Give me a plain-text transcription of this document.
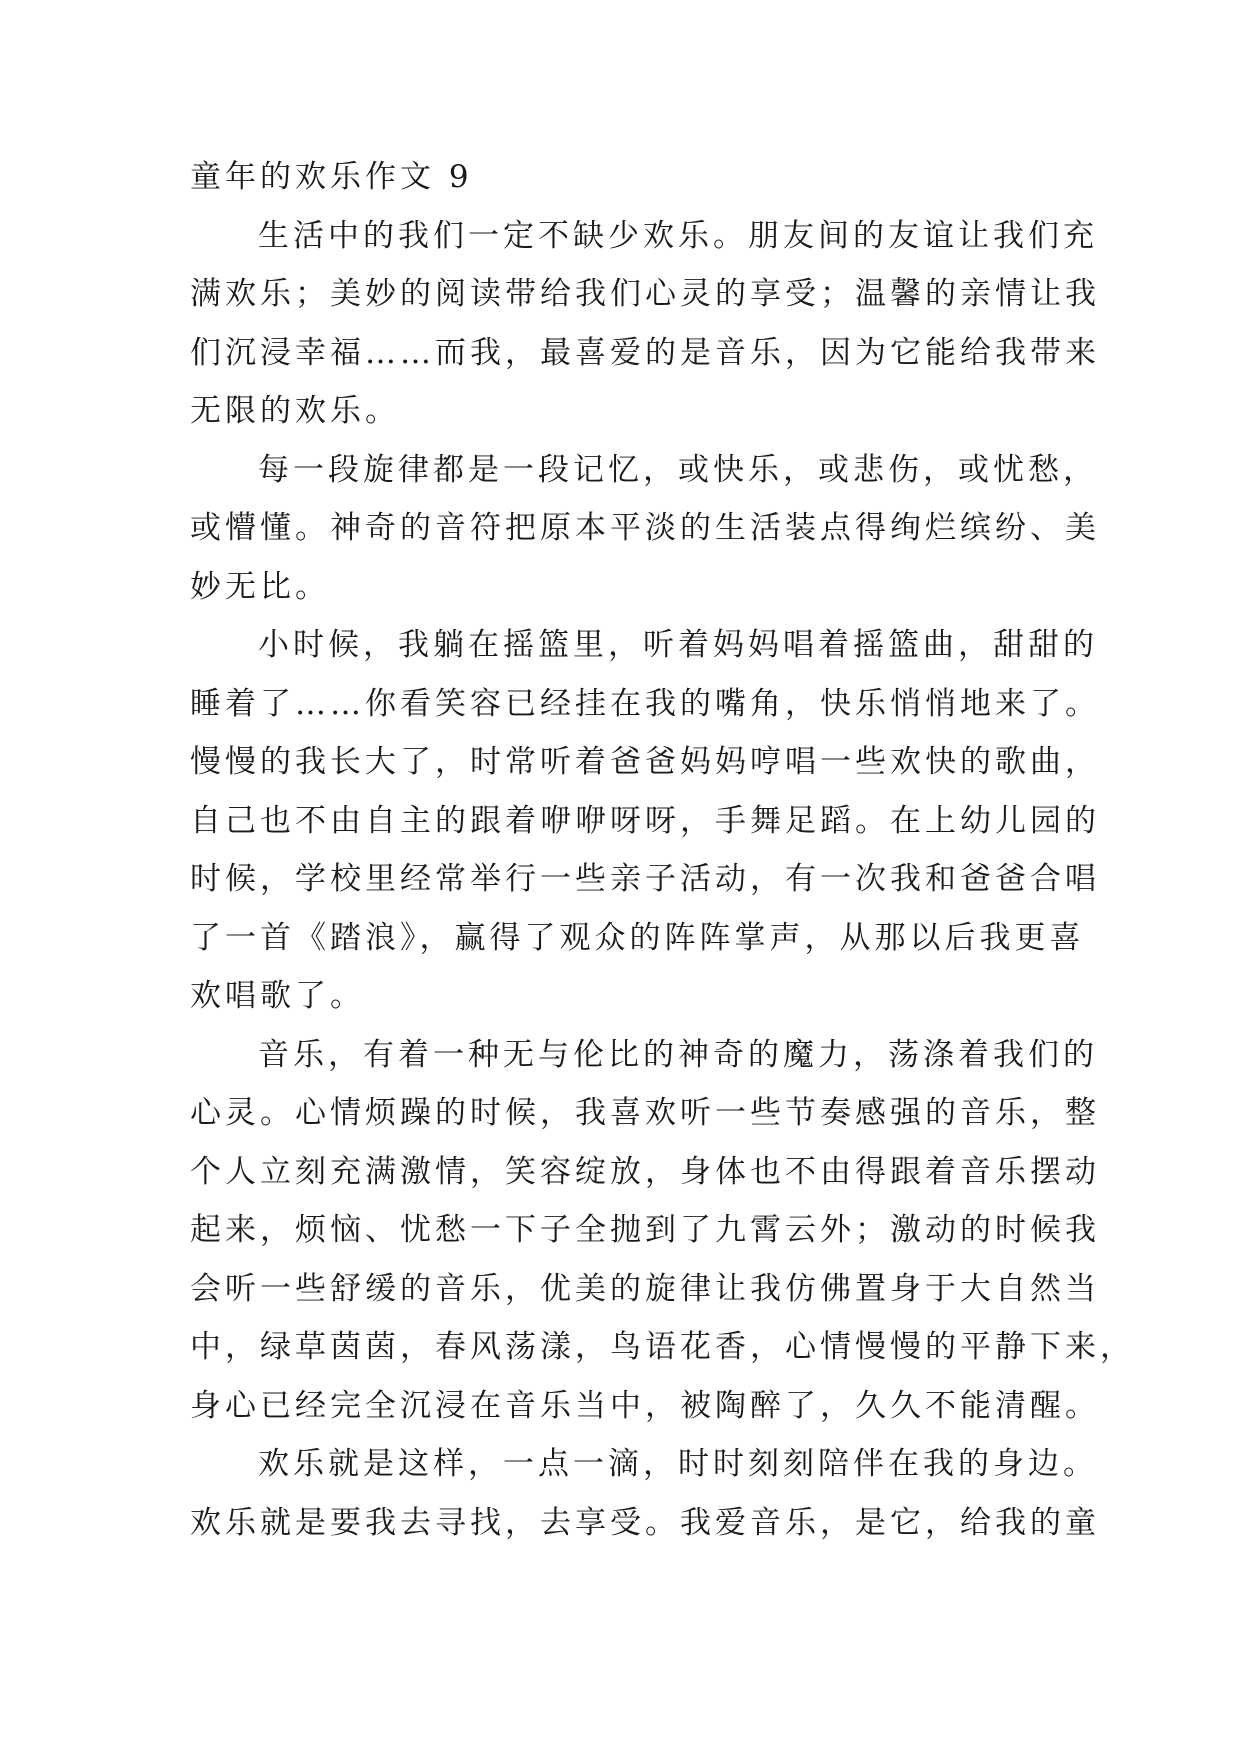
童年的欢乐作文 9
生活中的我们一定不缺少欢乐。朋友间的友谊让我们充
满欢乐；美妙的阅读带给我们心灵的享受；温馨的亲情让我
们沉浸幸福……而我，最喜爱的是音乐，因为它能给我带来
无限的欢乐。
每一段旋律都是一段记忆，或快乐，或悲伤，或忧愁，
或懵懂。神奇的音符把原本平淡的生活装点得绚烂缤纷、美
妙无比。
小时候，我躺在摇篮里，听着妈妈唱着摇篮曲，甜甜的
睡着了……你看笑容已经挂在我的嘴角，快乐悄悄地来了。
慢慢的我长大了，时常听着爸爸妈妈哼唱一些欢快的歌曲，
自己也不由自主的跟着咿咿呀呀，手舞足蹈。在上幼儿园的
时候，学校里经常举行一些亲子活动，有一次我和爸爸合唱
了一首《踏浪》，赢得了观众的阵阵掌声，从那以后我更喜
欢唱歌了。
音乐，有着一种无与伦比的神奇的魔力，荡涤着我们的
心灵。心情烦躁的时候，我喜欢听一些节奏感强的音乐，整
个人立刻充满激情，笑容绽放，身体也不由得跟着音乐摆动
起来，烦恼、忧愁一下子全抛到了九霄云外；激动的时候我
会听一些舒缓的音乐，优美的旋律让我仿佛置身于大自然当
中，绿草茵茵，春风荡漾，鸟语花香，心情慢慢的平静下来，
身心已经完全沉浸在音乐当中，被陶醉了，久久不能清醒。
欢乐就是这样，一点一滴，时时刻刻陪伴在我的身边。
欢乐就是要我去寻找，去享受。我爱音乐，是它，给我的童
